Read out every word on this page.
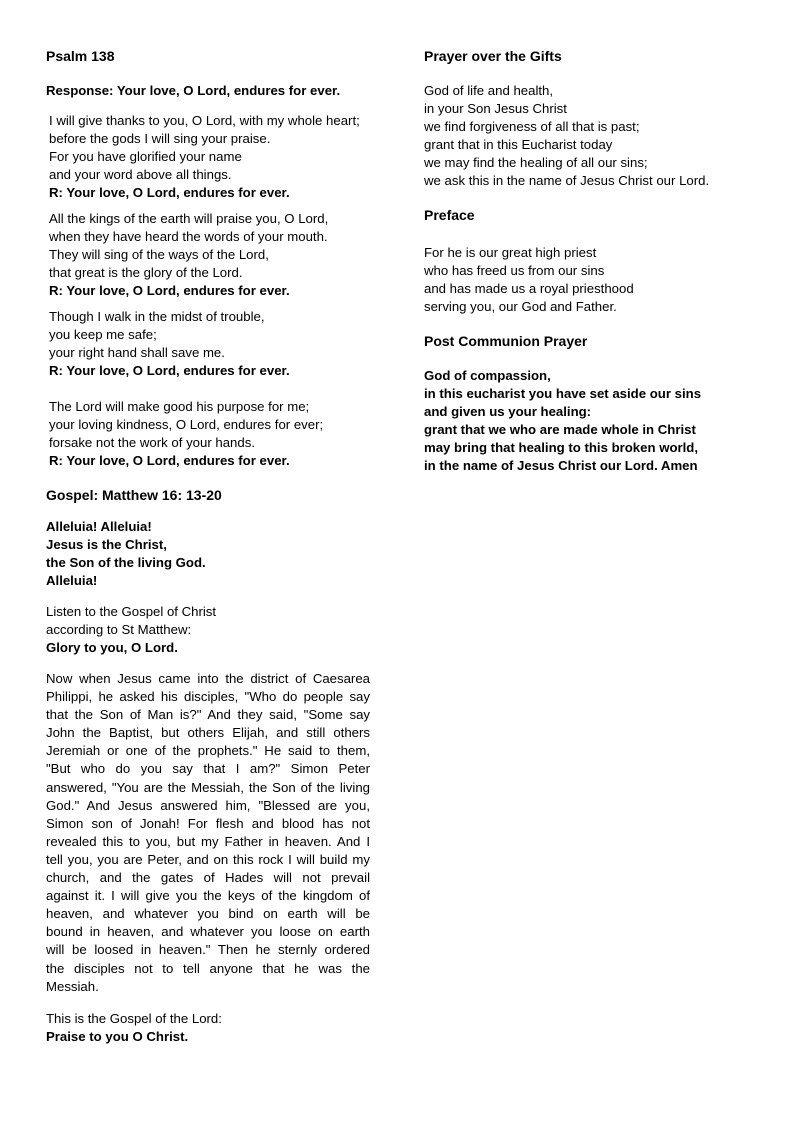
Psalm 138
Response: Your love, O Lord, endures for ever.
I will give thanks to you, O Lord, with my whole heart;
before the gods I will sing your praise.
For you have glorified your name
and your word above all things.
R: Your love, O Lord, endures for ever.
All the kings of the earth will praise you, O Lord,
when they have heard the words of your mouth.
They will sing of the ways of the Lord,
that great is the glory of the Lord.
R: Your love, O Lord, endures for ever.
Though I walk in the midst of trouble,
you keep me safe;
your right hand shall save me.
R: Your love, O Lord, endures for ever.
The Lord will make good his purpose for me;
your loving kindness, O Lord, endures for ever;
forsake not the work of your hands.
R: Your love, O Lord, endures for ever.
Gospel: Matthew 16: 13-20
Alleluia! Alleluia!
Jesus is the Christ,
the Son of the living God.
Alleluia!
Listen to the Gospel of Christ
according to St Matthew:
Glory to you, O Lord.
Now when Jesus came into the district of Caesarea
Philippi, he asked his disciples, "Who do people say
that the Son of Man is?" And they said, "Some say
John the Baptist, but others Elijah, and still others
Jeremiah or one of the prophets." He said to them,
"But who do you say that I am?" Simon Peter
answered, "You are the Messiah, the Son of the living
God." And Jesus answered him, "Blessed are you,
Simon son of Jonah! For flesh and blood has not
revealed this to you, but my Father in heaven. And I
tell you, you are Peter, and on this rock I will build my
church, and the gates of Hades will not prevail
against it. I will give you the keys of the kingdom of
heaven, and whatever you bind on earth will be
bound in heaven, and whatever you loose on earth
will be loosed in heaven." Then he sternly ordered
the disciples not to tell anyone that he was the
Messiah.
This is the Gospel of the Lord:
Praise to you O Christ.
Prayer over the Gifts
God of life and health,
in your Son Jesus Christ
we find forgiveness of all that is past;
grant that in this Eucharist today
we may find the healing of all our sins;
we ask this in the name of Jesus Christ our Lord.
Preface
For he is our great high priest
who has freed us from our sins
and has made us a royal priesthood
serving you, our God and Father.
Post Communion Prayer
God of compassion,
in this eucharist you have set aside our sins
and given us your healing:
grant that we who are made whole in Christ
may bring that healing to this broken world,
in the name of Jesus Christ our Lord. Amen
